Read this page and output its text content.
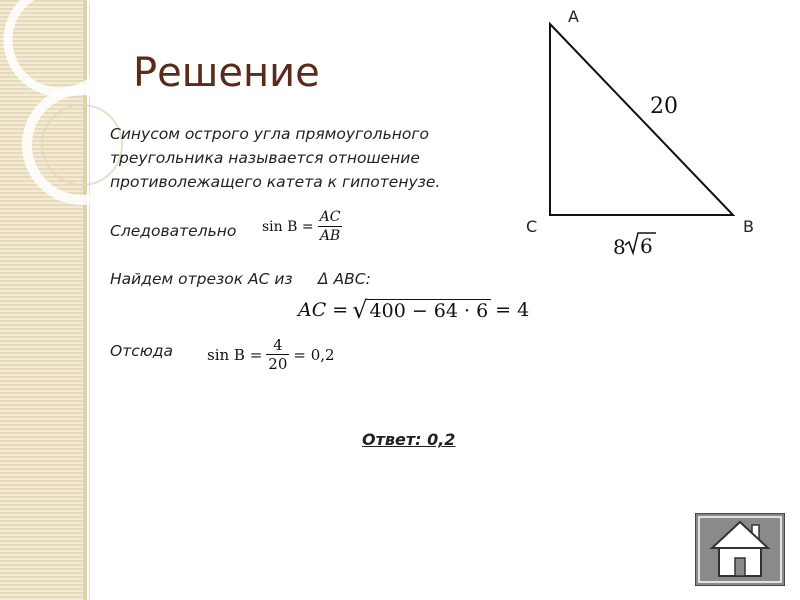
Решение
Синусом острого угла прямоугольного
треугольника называется отношение
противолежащего катета к гипотенузе.
Следовательно $\sin B = \frac{AC}{AB}$
Найдем отрезок АС из Δ АВС:
AC = √ 400 − 64 · 6 = 4
Отсюда $\sin B = \frac{4}{20} = 0,2$
Ответ: 0,2
A
C	B
20
8 6
